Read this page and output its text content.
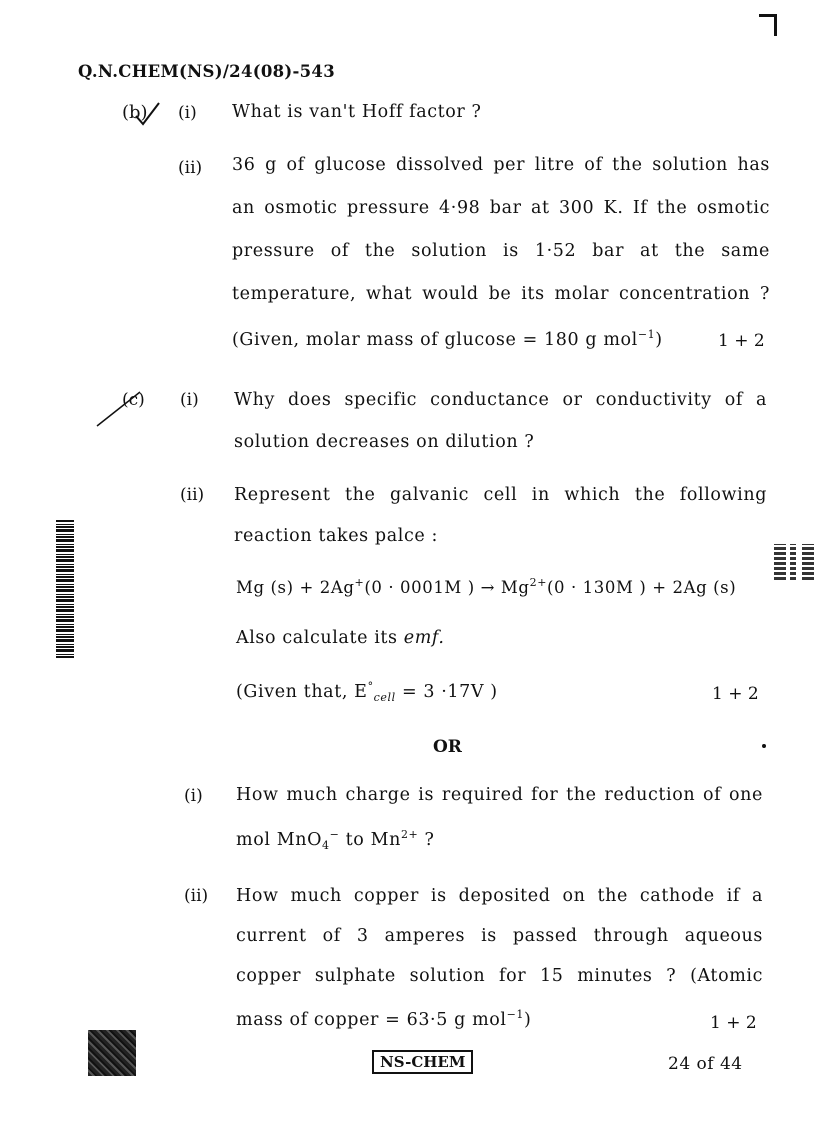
Q.N.CHEM(NS)/24(08)-543
(b) (i) What is van't Hoff factor ?
(ii) 36 g of glucose dissolved per litre of the solution has
an osmotic pressure 4·98 bar at 300 K. If the osmotic
pressure of the solution is 1·52 bar at the same
temperature, what would be its molar concentration ?
(Given, molar mass of glucose = 180 g mol$^{-1}$)	1 + 2
(c) (i) Why does specific conductance or conductivity of a
solution decreases on dilution ?
(ii) Represent the galvanic cell in which the following
reaction takes palce :
Mg (s) + 2Ag+(0 · 0001M ) → $Mg^{2+}(0 \cdot 130M$ ) + 2Ag (s)
Also calculate its emf.
(Given that, $E^\circ_{cell} = 3 \cdot 17V$ )	1 + 2
OR
(i) How much charge is required for the reduction of one
mol MnO$_4$− to $Mn^{2+}$ ?
(ii) How much copper is deposited on the cathode if a
current of 3 amperes is passed through aqueous
copper sulphate solution for 15 minutes ? (Atomic
mass of copper = 63·5 g mol$^{-1}$)	1 + 2
NS-CHEM	24 of 44
